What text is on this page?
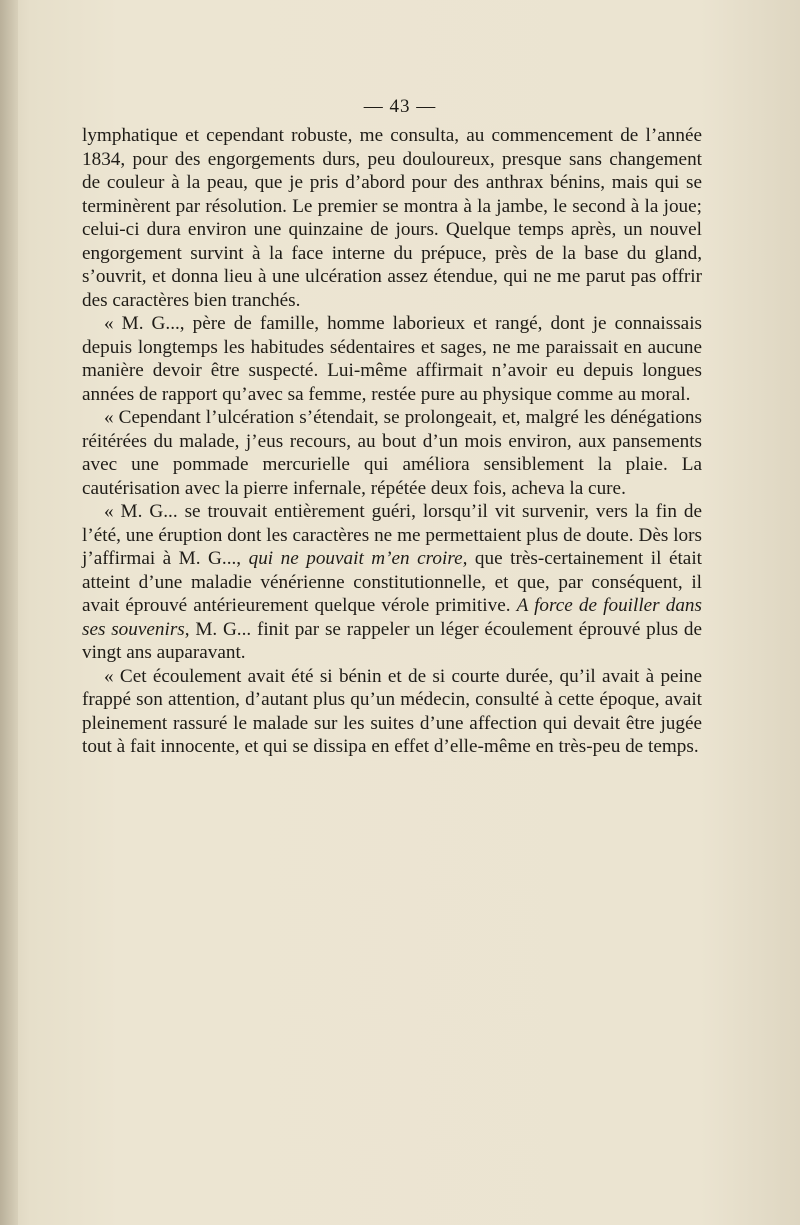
— 43 —

lymphatique et cependant robuste, me consulta, au commencement de l’année 1834, pour des engorgements durs, peu douloureux, presque sans changement de couleur à la peau, que je pris d’abord pour des anthrax bénins, mais qui se terminèrent par résolution. Le premier se montra à la jambe, le second à la joue; celui-ci dura environ une quinzaine de jours. Quelque temps après, un nouvel engorgement survint à la face interne du prépuce, près de la base du gland, s’ouvrit, et donna lieu à une ulcération assez étendue, qui ne me parut pas offrir des caractères bien tranchés.

« M. G..., père de famille, homme laborieux et rangé, dont je connaissais depuis longtemps les habitudes sédentaires et sages, ne me paraissait en aucune manière devoir être suspecté. Lui-même affirmait n’avoir eu depuis longues années de rapport qu’avec sa femme, restée pure au physique comme au moral.

« Cependant l’ulcération s’étendait, se prolongeait, et, malgré les dénégations réitérées du malade, j’eus recours, au bout d’un mois environ, aux pansements avec une pommade mercurielle qui améliora sensiblement la plaie. La cautérisation avec la pierre infernale, répétée deux fois, acheva la cure.

« M. G... se trouvait entièrement guéri, lorsqu’il vit survenir, vers la fin de l’été, une éruption dont les caractères ne me permettaient plus de doute. Dès lors j’affirmai à M. G..., qui ne pouvait m’en croire, que très-certainement il était atteint d’une maladie vénérienne constitutionnelle, et que, par conséquent, il avait éprouvé antérieurement quelque vérole primitive. A force de fouiller dans ses souvenirs, M. G... finit par se rappeler un léger écoulement éprouvé plus de vingt ans auparavant.

« Cet écoulement avait été si bénin et de si courte durée, qu’il avait à peine frappé son attention, d’autant plus qu’un médecin, consulté à cette époque, avait pleinement rassuré le malade sur les suites d’une affection qui devait être jugée tout à fait innocente, et qui se dissipa en effet d’elle-même en très-peu de temps.
